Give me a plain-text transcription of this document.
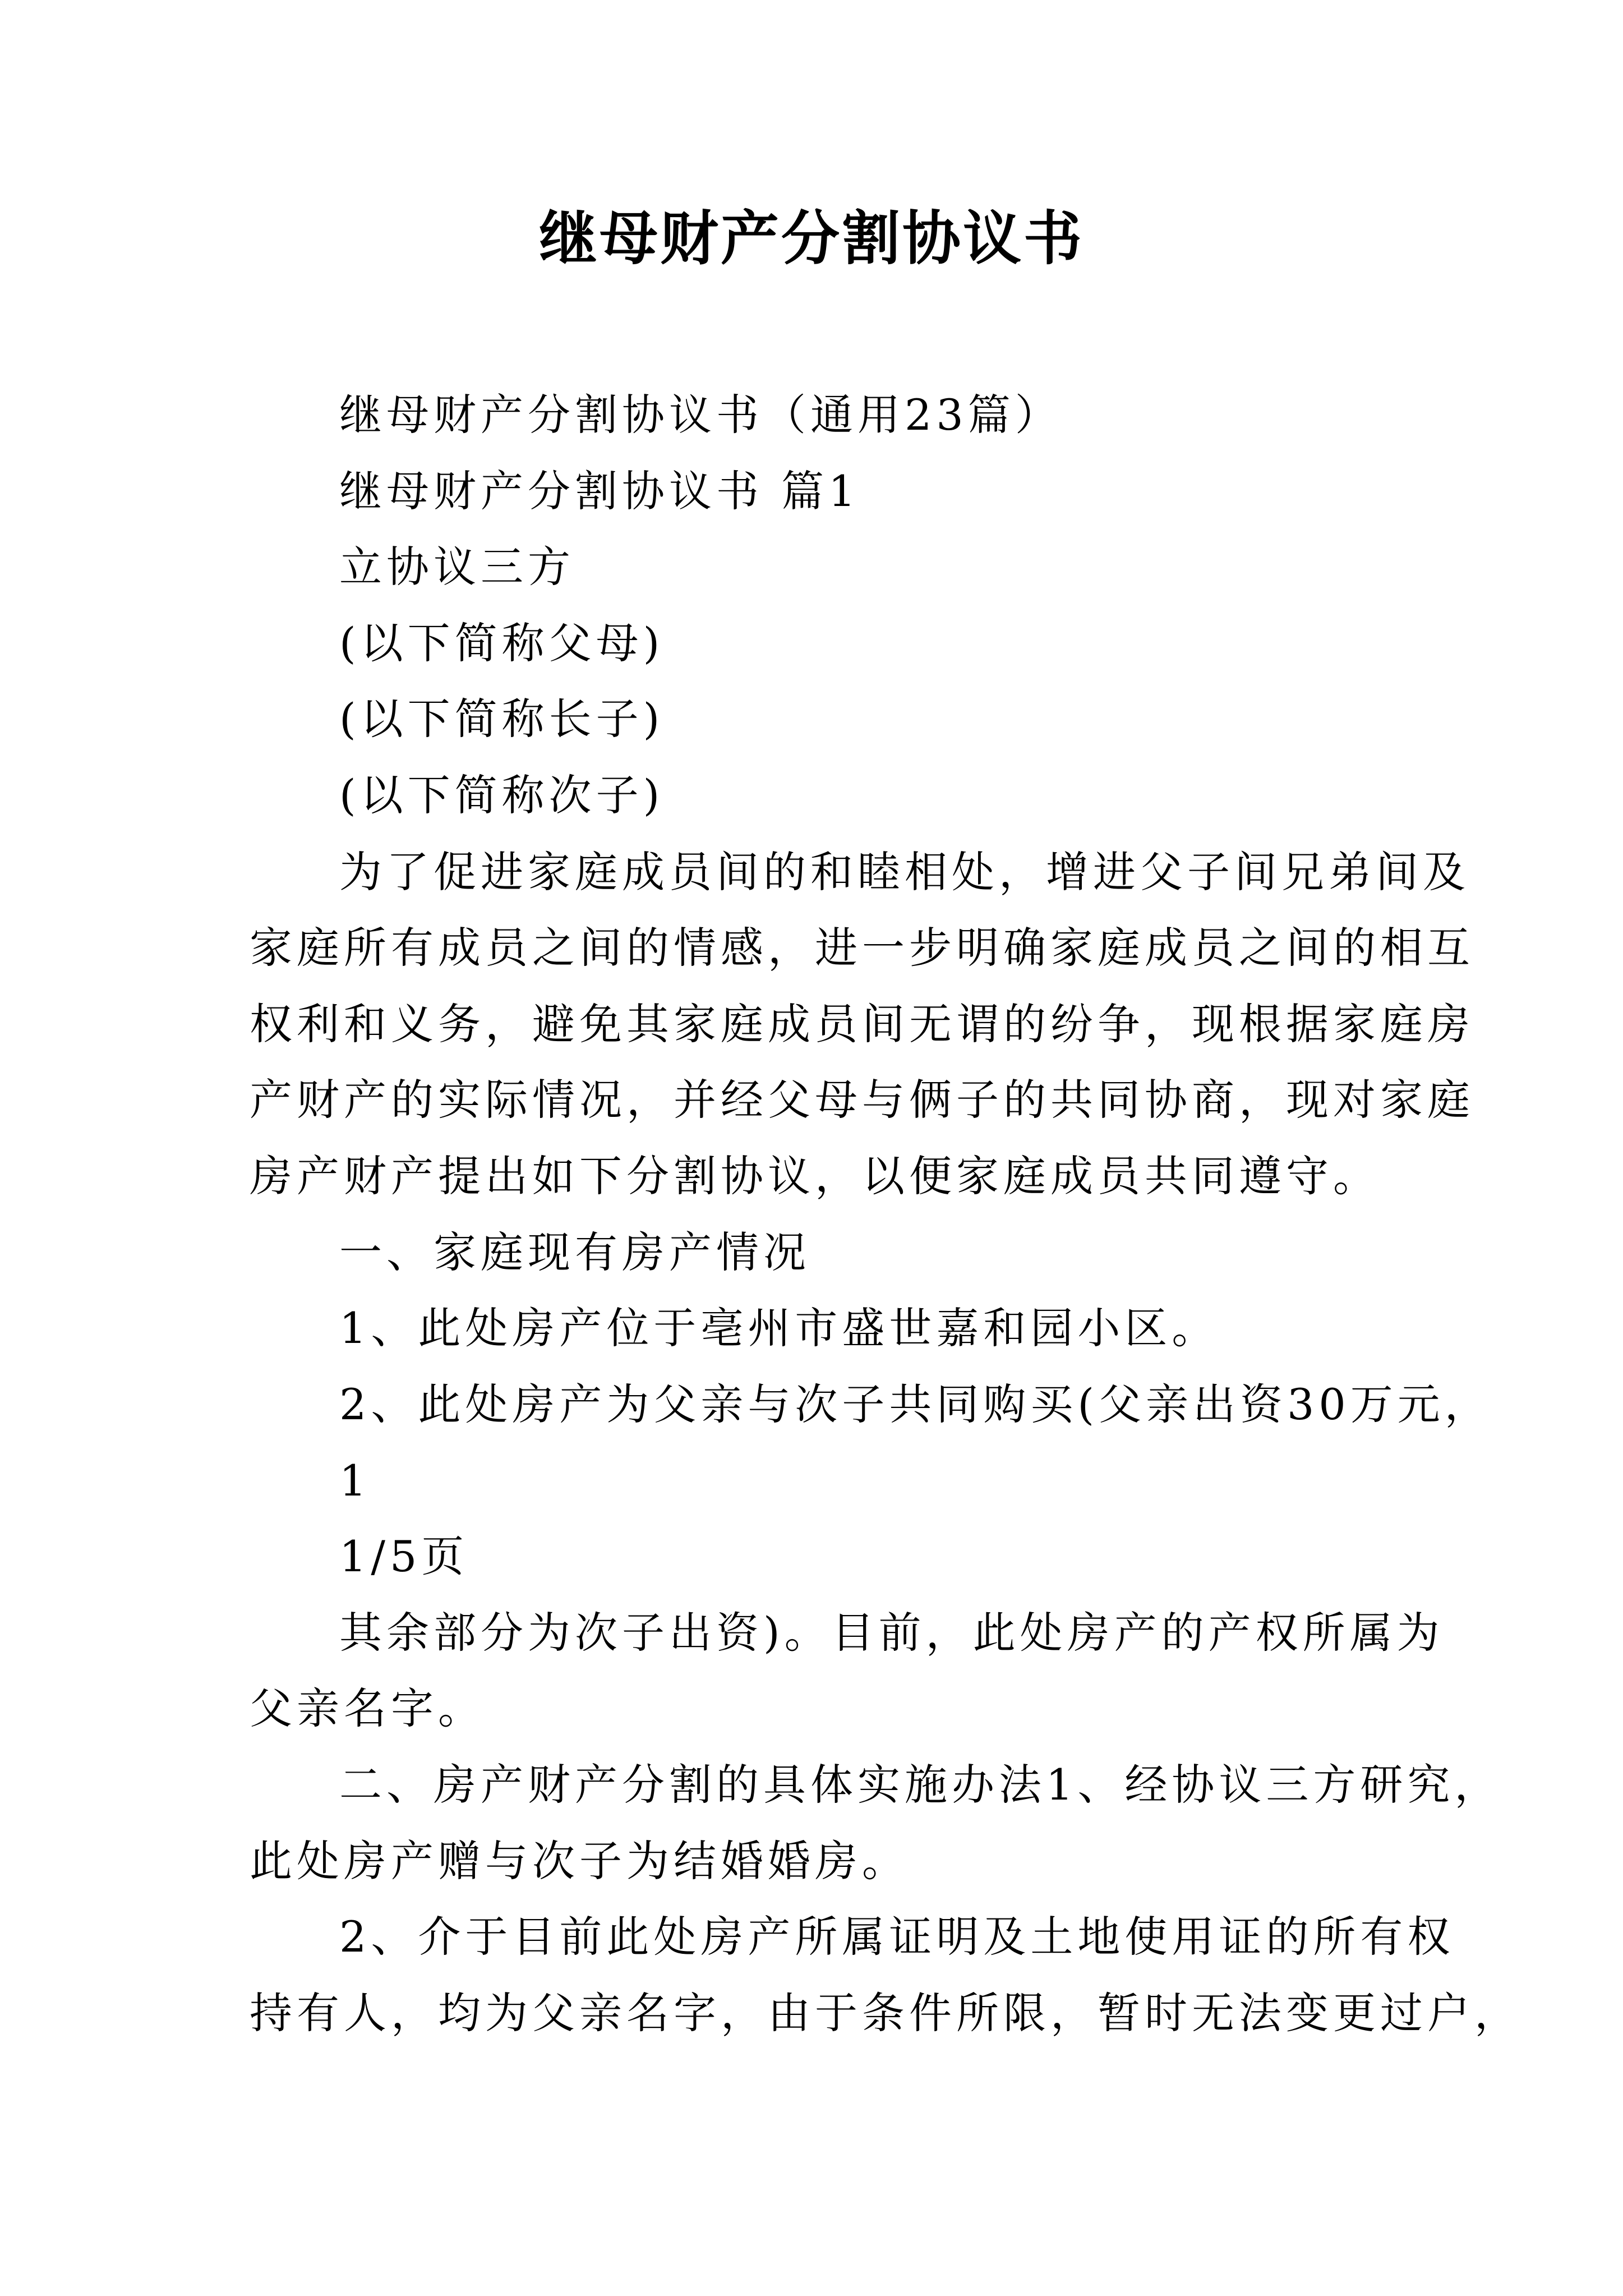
继母财产分割协议书
继母财产分割协议书（通用23篇）
继母财产分割协议书 篇1
立协议三方
(以下简称父母)
(以下简称长子)
(以下简称次子)
为了促进家庭成员间的和睦相处，增进父子间兄弟间及
家庭所有成员之间的情感，进一步明确家庭成员之间的相互
权利和义务，避免其家庭成员间无谓的纷争，现根据家庭房
产财产的实际情况，并经父母与俩子的共同协商，现对家庭
房产财产提出如下分割协议，以便家庭成员共同遵守。
一、家庭现有房产情况
1、此处房产位于亳州市盛世嘉和园小区。
2、此处房产为父亲与次子共同购买(父亲出资30万元，
1
1/5页
其余部分为次子出资)。目前，此处房产的产权所属为
父亲名字。
二、房产财产分割的具体实施办法1、经协议三方研究，
此处房产赠与次子为结婚婚房。
2、介于目前此处房产所属证明及土地使用证的所有权
持有人，均为父亲名字，由于条件所限，暂时无法变更过户，
